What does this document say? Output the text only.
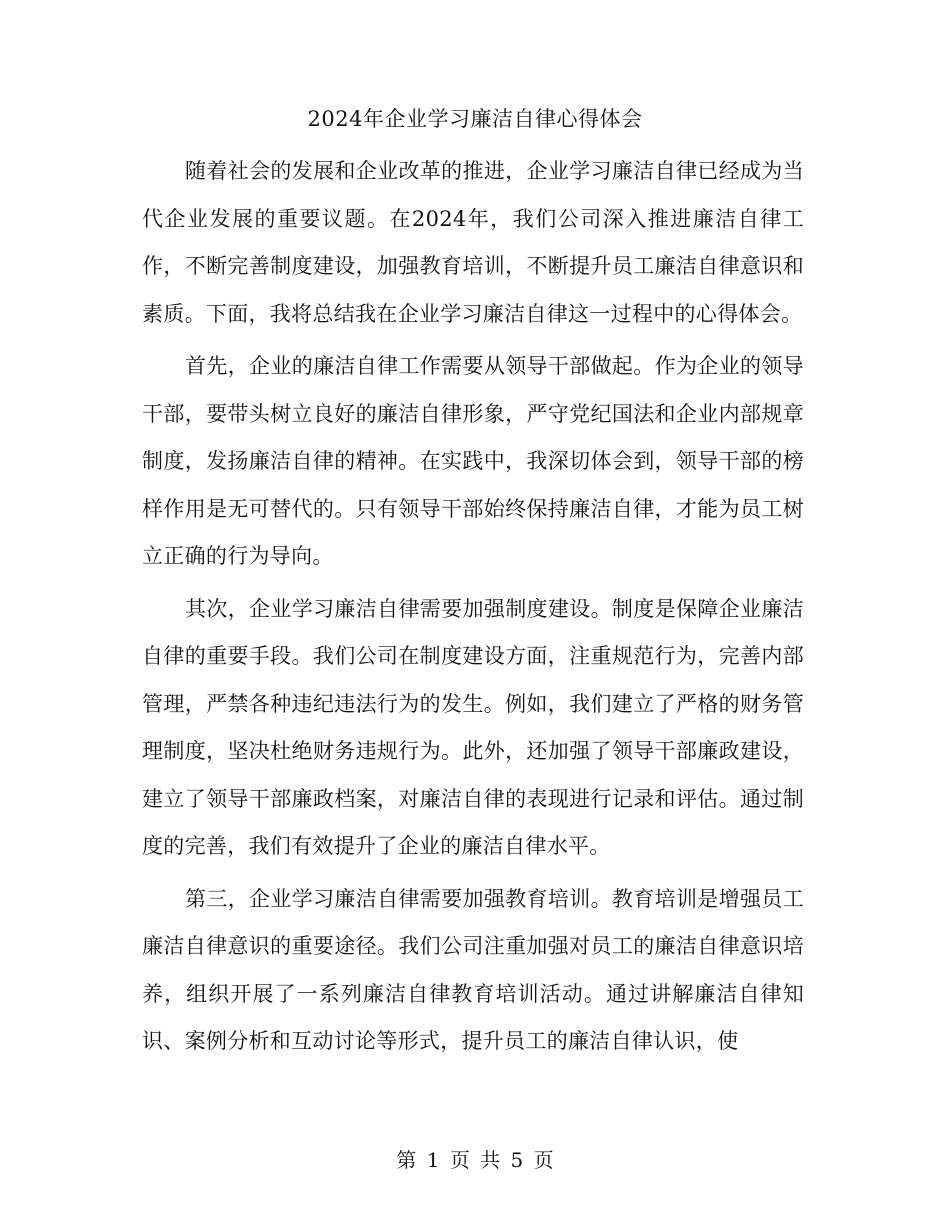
2024年企业学习廉洁自律心得体会

随着社会的发展和企业改革的推进，企业学习廉洁自律已经成为当代企业发展的重要议题。在2024年，我们公司深入推进廉洁自律工作，不断完善制度建设，加强教育培训，不断提升员工廉洁自律意识和素质。下面，我将总结我在企业学习廉洁自律这一过程中的心得体会。

首先，企业的廉洁自律工作需要从领导干部做起。作为企业的领导干部，要带头树立良好的廉洁自律形象，严守党纪国法和企业内部规章制度，发扬廉洁自律的精神。在实践中，我深切体会到，领导干部的榜样作用是无可替代的。只有领导干部始终保持廉洁自律，才能为员工树立正确的行为导向。

其次，企业学习廉洁自律需要加强制度建设。制度是保障企业廉洁自律的重要手段。我们公司在制度建设方面，注重规范行为，完善内部管理，严禁各种违纪违法行为的发生。例如，我们建立了严格的财务管理制度，坚决杜绝财务违规行为。此外，还加强了领导干部廉政建设，建立了领导干部廉政档案，对廉洁自律的表现进行记录和评估。通过制度的完善，我们有效提升了企业的廉洁自律水平。

第三，企业学习廉洁自律需要加强教育培训。教育培训是增强员工廉洁自律意识的重要途径。我们公司注重加强对员工的廉洁自律意识培养，组织开展了一系列廉洁自律教育培训活动。通过讲解廉洁自律知识、案例分析和互动讨论等形式，提升员工的廉洁自律认识，使

第 1 页 共 5 页
